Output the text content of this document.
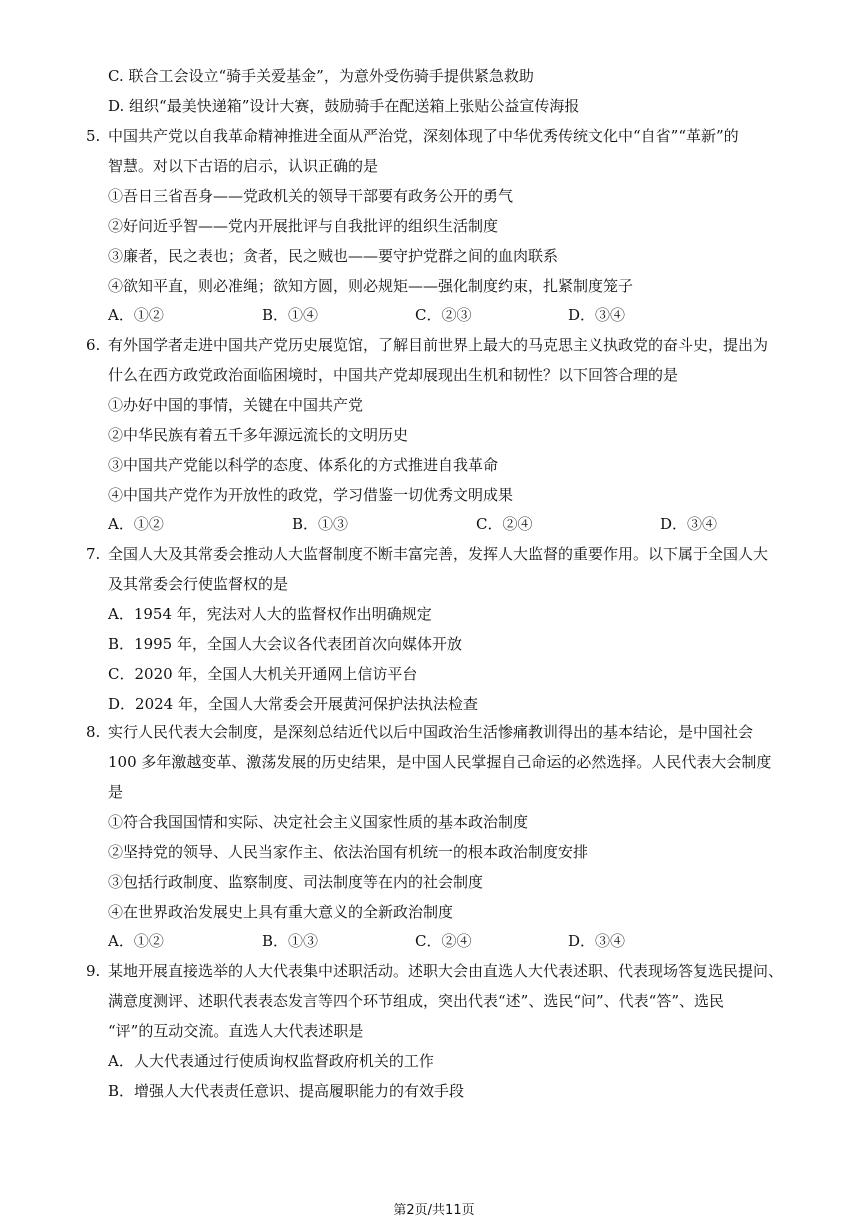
C. 联合工会设立“骑手关爱基金”，为意外受伤骑手提供紧急救助
D. 组织“最美快递箱”设计大赛，鼓励骑手在配送箱上张贴公益宣传海报
5. 中国共产党以自我革命精神推进全面从严治党，深刻体现了中华优秀传统文化中“自省”“革新”的
智慧。对以下古语的启示，认识正确的是
①吾日三省吾身——党政机关的领导干部要有政务公开的勇气
②好问近乎智——党内开展批评与自我批评的组织生活制度
③廉者，民之表也；贪者，民之贼也——要守护党群之间的血肉联系
④欲知平直，则必准绳；欲知方圆，则必规矩——强化制度约束，扎紧制度笼子
A．①②	B．①④	C．②③	D．③④
6. 有外国学者走进中国共产党历史展览馆，了解目前世界上最大的马克思主义执政党的奋斗史，提出为
什么在西方政党政治面临困境时，中国共产党却展现出生机和韧性？以下回答合理的是
①办好中国的事情，关键在中国共产党
②中华民族有着五千多年源远流长的文明历史
③中国共产党能以科学的态度、体系化的方式推进自我革命
④中国共产党作为开放性的政党，学习借鉴一切优秀文明成果
A．①②	B．①③	C．②④	D．③④
7. 全国人大及其常委会推动人大监督制度不断丰富完善，发挥人大监督的重要作用。以下属于全国人大
及其常委会行使监督权的是
A．1954 年，宪法对人大的监督权作出明确规定
B．1995 年，全国人大会议各代表团首次向媒体开放
C．2020 年，全国人大机关开通网上信访平台
D．2024 年，全国人大常委会开展黄河保护法执法检查
8. 实行人民代表大会制度，是深刻总结近代以后中国政治生活惨痛教训得出的基本结论，是中国社会
100 多年激越变革、激荡发展的历史结果，是中国人民掌握自己命运的必然选择。人民代表大会制度
是
①符合我国国情和实际、决定社会主义国家性质的基本政治制度
②坚持党的领导、人民当家作主、依法治国有机统一的根本政治制度安排
③包括行政制度、监察制度、司法制度等在内的社会制度
④在世界政治发展史上具有重大意义的全新政治制度
A．①②	B．①③	C．②④	D．③④
9. 某地开展直接选举的人大代表集中述职活动。述职大会由直选人大代表述职、代表现场答复选民提问、
满意度测评、述职代表表态发言等四个环节组成，突出代表“述”、选民“问”、代表“答”、选民
“评”的互动交流。直选人大代表述职是
A．人大代表通过行使质询权监督政府机关的工作
B．增强人大代表责任意识、提高履职能力的有效手段
第2页/共11页
